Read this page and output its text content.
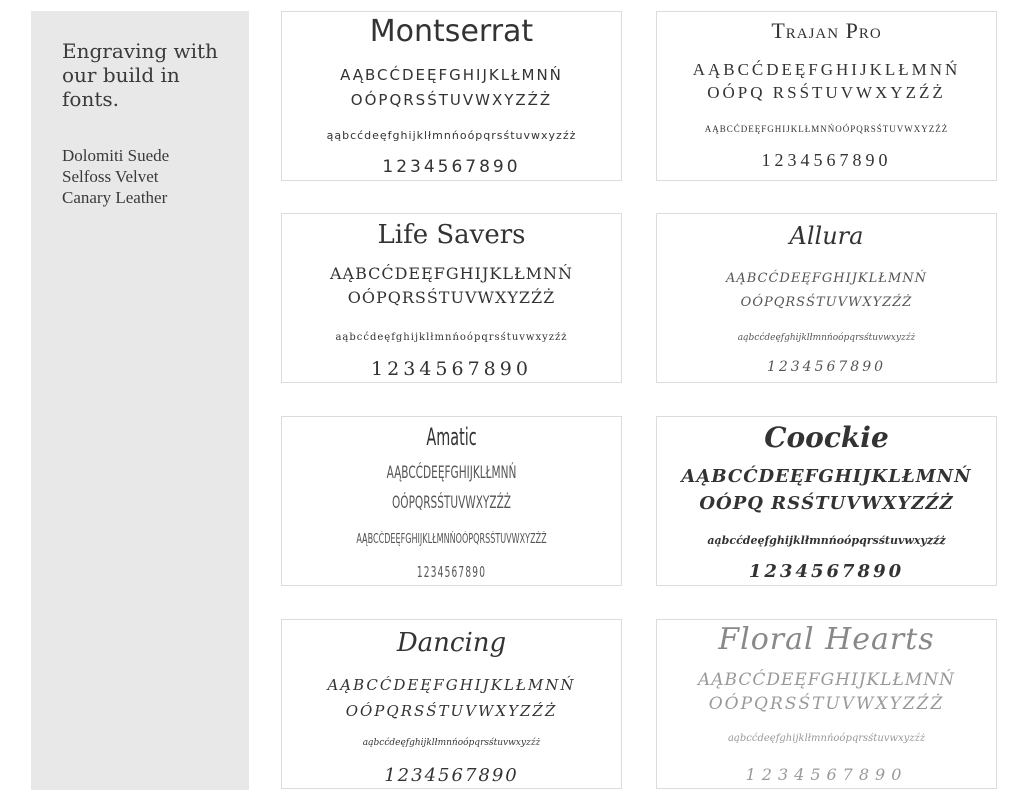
Engraving with our build in fonts.
Dolomiti Suede
Selfoss Velvet
Canary Leather
Montserrat
AĄBCĆDEĘFGHIJKLŁMNŃ
OÓPQRSŚTUVWXYZŹŻ
ąąbcćdeęfghijklłmnńoópqrsśtuvwxyzźż
1234567890
Trajan Pro
AĄBCĆDEĘFGHIJKLŁMNŃ
OÓPQ RSŚTUVWXYZŹŻ
AĄBCĆDEĘFGHIJKLŁMNŃOÓPQRSŚTUVWXYZŹŻ
1234567890
Life Savers
AĄBCĆDEĘFGHIJKLŁMNŃ
OÓPQRSŚTUVWXYZŹŻ
aąbcćdeęfghijklłmnńoópqrsśtuvwxyzźż
1234567890
Allura
AĄBCĆDEĘFGHIJKLŁMNŃ
OÓPQRSŚTUVWXYZŹŻ
aąbcćdeęfghijklłmnńoópqrsśtuvwxyzźż
1234567890
Amatic
AĄBCĆDEĘFGHIJKLŁMNŃ
OÓPQRSŚTUVWXYZŹŻ
AĄBCĆDEĘFGHIJKLŁMNŃOÓPQRSŚTUVWXYZŹŻ
1234567890
Coockie
AĄBCĆDEĘFGHIJKLŁMNŃ
OÓPQ RSŚTUVWXYZŹŻ
aąbcćdeęfghijklłmnńoópqrsśtuvwxyzźż
1234567890
Dancing
AĄBCĆDEĘFGHIJKLŁMNŃ
OÓPQRSŚTUVWXYZŹŻ
aąbcćdeęfghijklłmnńoópqrsśtuvwxyzźż
1234567890
Floral Hearts
AĄBCĆDEĘFGHIJKLŁMNŃ
OÓPQRSŚTUVWXYZŹŻ
aąbcćdeęfghijklłmnńoópqrsśtuvwxyzźż
1234567890
